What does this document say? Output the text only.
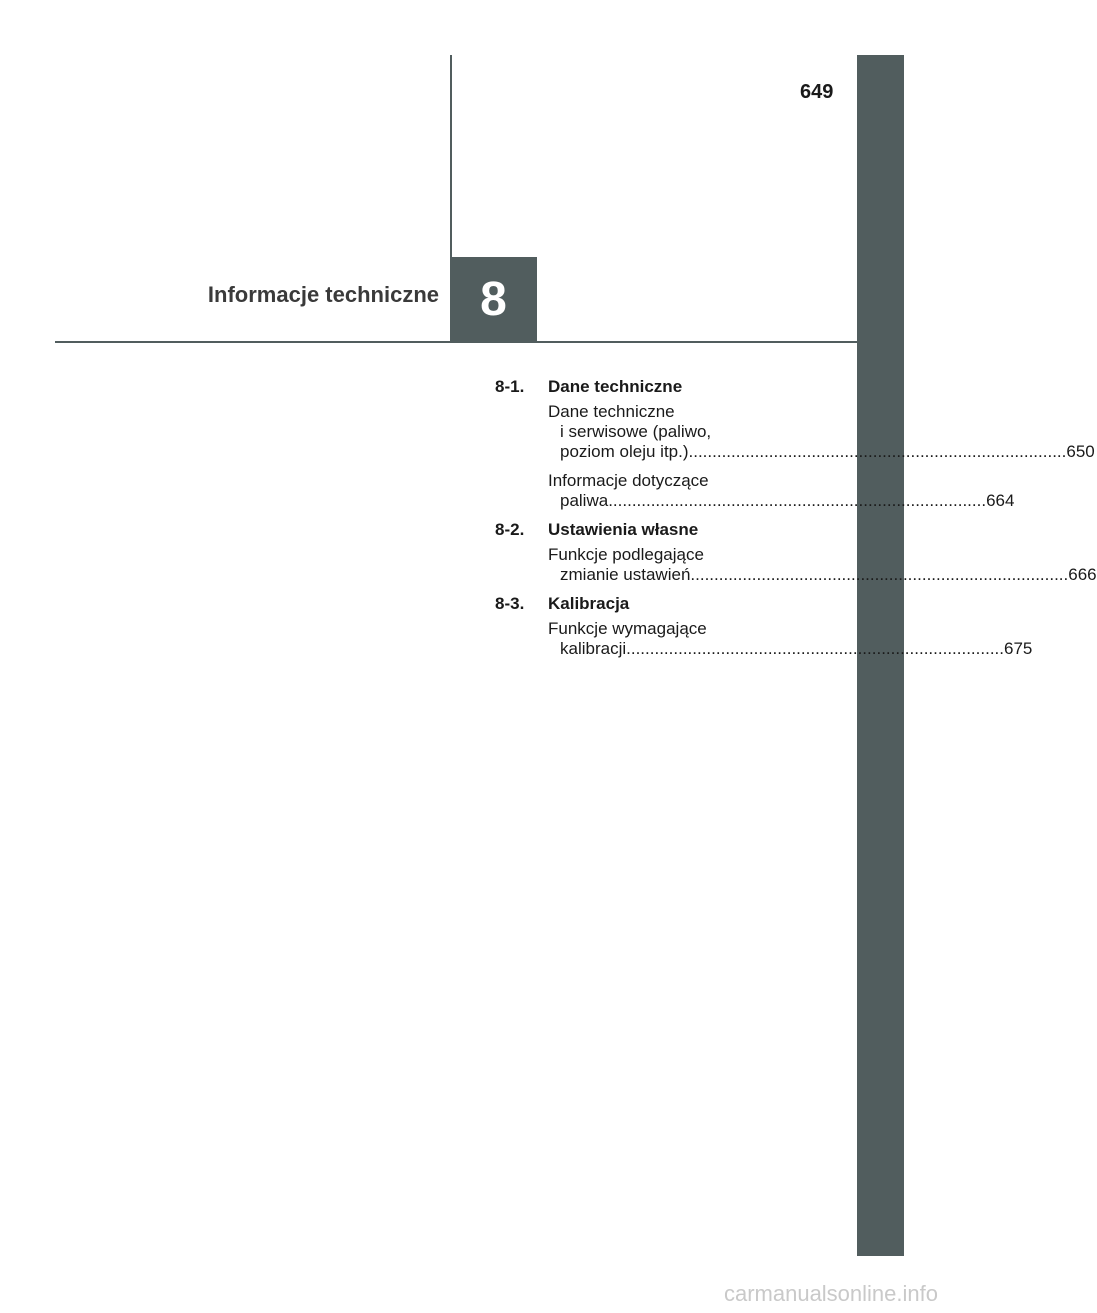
649
Informacje techniczne 8
8-1.	Dane techniczne
Dane techniczne
i serwisowe (paliwo,
poziom oleju itp.) ................................................................................ 650
Informacje dotyczące
paliwa ................................................................................ 664
8-2.	Ustawienia własne
Funkcje podlegające
zmianie ustawień ................................................................................ 666
8-3.	Kalibracja
Funkcje wymagające
kalibracji ................................................................................ 675
carmanualsonline.info
